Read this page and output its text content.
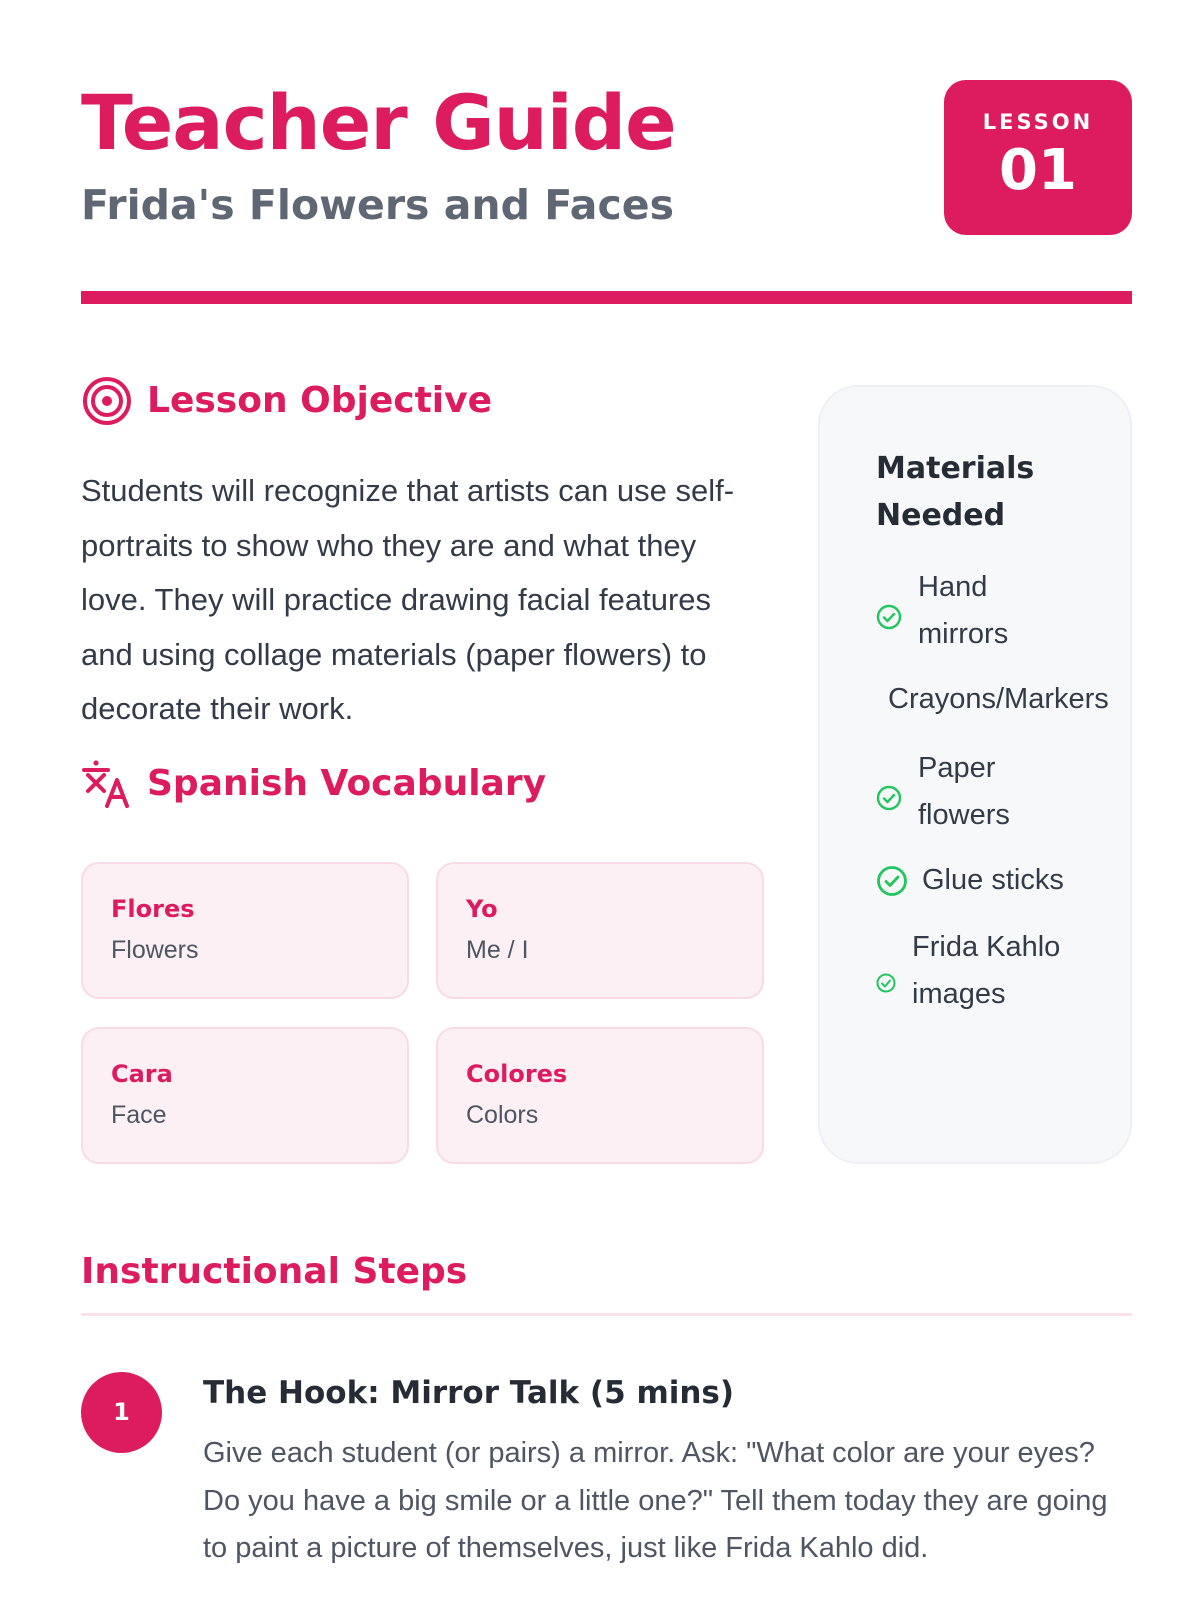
Teacher Guide
Frida's Flowers and Faces
LESSON
01
Lesson Objective

Students will recognize that artists can use self-portraits to show who they are and what they love. They will practice drawing facial features and using collage materials (paper flowers) to decorate their work.

Spanish Vocabulary
Flores
Flowers
Yo
Me / I
Cara
Face
Colores
Colors
Materials Needed
Hand mirrors
Crayons/Markers
Paper flowers
Glue sticks
Frida Kahlo images
Instructional Steps
1
The Hook: Mirror Talk (5 mins)

Give each student (or pairs) a mirror. Ask: "What color are your eyes? Do you have a big smile or a little one?" Tell them today they are going to paint a picture of themselves, just like Frida Kahlo did.
